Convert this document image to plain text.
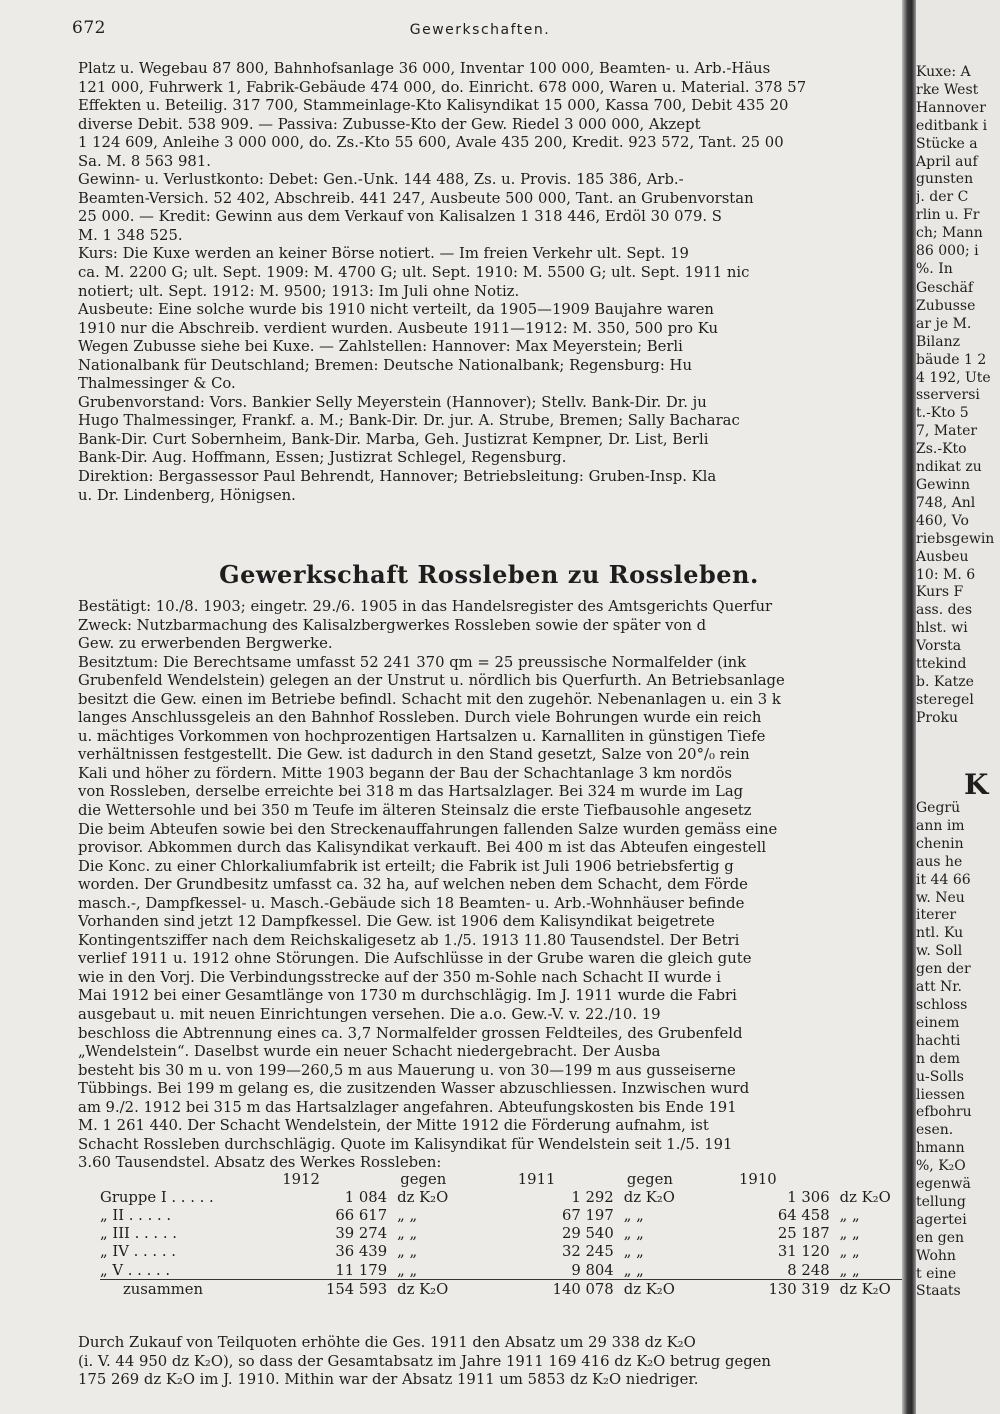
672	Gewerkschaften.

Platz u. Wegebau 87 800, Bahnhofsanlage 36 000, Inventar 100 000, Beamten- u. Arb.-Häus

121 000, Fuhrwerk 1, Fabrik-Gebäude 474 000, do. Einricht. 678 000, Waren u. Material. 378 57

Effekten u. Beteilig. 317 700, Stammeinlage-Kto Kalisyndikat 15 000, Kassa 700, Debit 435 20

diverse Debit. 538 909. — Passiva: Zubusse-Kto der Gew. Riedel 3 000 000, Akzept

1 124 609, Anleihe 3 000 000, do. Zs.-Kto 55 600, Avale 435 200, Kredit. 923 572, Tant. 25 00

Sa. M. 8 563 981.

Gewinn- u. Verlustkonto: Debet: Gen.-Unk. 144 488, Zs. u. Provis. 185 386, Arb.-

Beamten-Versich. 52 402, Abschreib. 441 247, Ausbeute 500 000, Tant. an Grubenvorstan

25 000. — Kredit: Gewinn aus dem Verkauf von Kalisalzen 1 318 446, Erdöl 30 079. S

M. 1 348 525.

Kurs: Die Kuxe werden an keiner Börse notiert. — Im freien Verkehr ult. Sept. 19

ca. M. 2200 G; ult. Sept. 1909: M. 4700 G; ult. Sept. 1910: M. 5500 G; ult. Sept. 1911 nic

notiert; ult. Sept. 1912: M. 9500; 1913: Im Juli ohne Notiz.

Ausbeute: Eine solche wurde bis 1910 nicht verteilt, da 1905—1909 Baujahre waren

1910 nur die Abschreib. verdient wurden. Ausbeute 1911—1912: M. 350, 500 pro Ku

Wegen Zubusse siehe bei Kuxe. — Zahlstellen: Hannover: Max Meyerstein; Berli

Nationalbank für Deutschland; Bremen: Deutsche Nationalbank; Regensburg: Hu

Thalmessinger & Co.

Grubenvorstand: Vors. Bankier Selly Meyerstein (Hannover); Stellv. Bank-Dir. Dr. ju

Hugo Thalmessinger, Frankf. a. M.; Bank-Dir. Dr. jur. A. Strube, Bremen; Sally Bacharac

Bank-Dir. Curt Sobernheim, Bank-Dir. Marba, Geh. Justizrat Kempner, Dr. List, Berli

Bank-Dir. Aug. Hoffmann, Essen; Justizrat Schlegel, Regensburg.

Direktion: Bergassessor Paul Behrendt, Hannover; Betriebsleitung: Gruben-Insp. Kla

u. Dr. Lindenberg, Hönigsen.

Gewerkschaft Rossleben zu Rossleben.

Bestätigt: 10./8. 1903; eingetr. 29./6. 1905 in das Handelsregister des Amtsgerichts Querfur

Zweck: Nutzbarmachung des Kalisalzbergwerkes Rossleben sowie der später von d

Gew. zu erwerbenden Bergwerke.

Besitztum: Die Berechtsame umfasst 52 241 370 qm = 25 preussische Normalfelder (ink

Grubenfeld Wendelstein) gelegen an der Unstrut u. nördlich bis Querfurth. An Betriebsanlage

besitzt die Gew. einen im Betriebe befindl. Schacht mit den zugehör. Nebenanlagen u. ein 3 k

langes Anschlussgeleis an den Bahnhof Rossleben. Durch viele Bohrungen wurde ein reich

u. mächtiges Vorkommen von hochprozentigen Hartsalzen u. Karnalliten in günstigen Tiefe

verhältnissen festgestellt. Die Gew. ist dadurch in den Stand gesetzt, Salze von 20°/₀ rein

Kali und höher zu fördern. Mitte 1903 begann der Bau der Schachtanlage 3 km nordös

von Rossleben, derselbe erreichte bei 318 m das Hartsalzlager. Bei 324 m wurde im Lag

die Wettersohle und bei 350 m Teufe im älteren Steinsalz die erste Tiefbausohle angesetz

Die beim Abteufen sowie bei den Streckenauffahrungen fallenden Salze wurden gemäss eine

provisor. Abkommen durch das Kalisyndikat verkauft. Bei 400 m ist das Abteufen eingestell

Die Konc. zu einer Chlorkaliumfabrik ist erteilt; die Fabrik ist Juli 1906 betriebsfertig g

worden. Der Grundbesitz umfasst ca. 32 ha, auf welchen neben dem Schacht, dem Förde

masch.-, Dampfkessel- u. Masch.-Gebäude sich 18 Beamten- u. Arb.-Wohnhäuser befinde

Vorhanden sind jetzt 12 Dampfkessel. Die Gew. ist 1906 dem Kalisyndikat beigetrete

Kontingentsziffer nach dem Reichskaligesetz ab 1./5. 1913 11.80 Tausendstel. Der Betri

verlief 1911 u. 1912 ohne Störungen. Die Aufschlüsse in der Grube waren die gleich gute

wie in den Vorj. Die Verbindungsstrecke auf der 350 m-Sohle nach Schacht II wurde i

Mai 1912 bei einer Gesamtlänge von 1730 m durchschlägig. Im J. 1911 wurde die Fabri

ausgebaut u. mit neuen Einrichtungen versehen. Die a.o. Gew.-V. v. 22./10. 19

beschloss die Abtrennung eines ca. 3,7 Normalfelder grossen Feldteiles, des Grubenfeld

„Wendelstein“. Daselbst wurde ein neuer Schacht niedergebracht. Der Ausba

besteht bis 30 m u. von 199—260,5 m aus Mauerung u. von 30—199 m aus gusseiserne

Tübbings. Bei 199 m gelang es, die zusitzenden Wasser abzuschliessen. Inzwischen wurd

am 9./2. 1912 bei 315 m das Hartsalzlager angefahren. Abteufungskosten bis Ende 191

M. 1 261 440. Der Schacht Wendelstein, der Mitte 1912 die Förderung aufnahm, ist

Schacht Rossleben durchschlägig. Quote im Kalisyndikat für Wendelstein seit 1./5. 191

3.60 Tausendstel. Absatz des Werkes Rossleben:

	1912	gegen	1911	gegen	1910	
Gruppe I . . . . .	1 084	dz K₂O	1 292	dz K₂O	1 306	dz K₂O
„ II . . . . .	66 617	„ „	67 197	„ „	64 458	„ „
„ III . . . . .	39 274	„ „	29 540	„ „	25 187	„ „
„ IV . . . . .	36 439	„ „	32 245	„ „	31 120	„ „
„ V . . . . .	11 179	„ „	9 804	„ „	8 248	„ „
zusammen	154 593	dz K₂O	140 078	dz K₂O	130 319	dz K₂O

Durch Zukauf von Teilquoten erhöhte die Ges. 1911 den Absatz um 29 338 dz K₂O

(i. V. 44 950 dz K₂O), so dass der Gesamtabsatz im Jahre 1911 169 416 dz K₂O betrug gegen

175 269 dz K₂O im J. 1910. Mithin war der Absatz 1911 um 5853 dz K₂O niedriger.

Kuxe: A

rke West

Hannover

editbank i

Stücke a

April auf

gunsten

j. der C

rlin u. Fr

ch; Mann

86 000; i

%. In

Geschäf

Zubusse

ar je M.

Bilanz

bäude 1 2

4 192, Ute

sserversi

t.-Kto 5

7, Mater

Zs.-Kto

ndikat zu

Gewinn

748, Anl

460, Vo

riebsgewin

Ausbeu

10: M. 6

Kurs F

ass. des

hlst. wi

Vorsta

ttekind

b. Katze

steregel

Proku

K

Gegrü

ann im

chenin

aus he

it 44 66

w. Neu

iterer

ntl. Ku

w. Soll

gen der

att Nr.

schloss

einem

hachti

n dem

u-Solls

liessen

efbohru

esen.

hmann

%, K₂O

egenwä

tellung

agertei

en gen

Wohn

t eine

Staats
